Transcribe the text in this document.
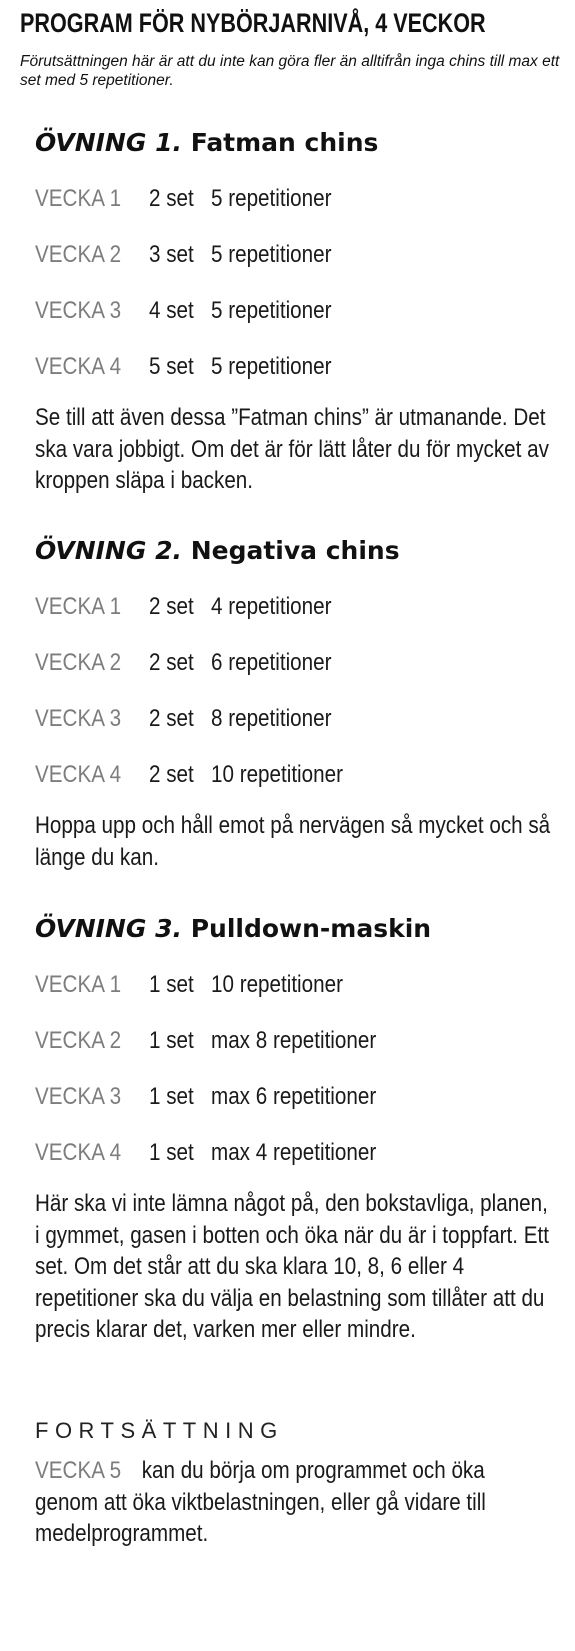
PROGRAM FÖR NYBÖRJARNIVÅ, 4 VECKOR

Förutsättningen här är att du inte kan göra fler än alltifrån inga chins till max ett set med 5 repetitioner.

ÖVNING 1. Fatman chins
VECKA 1	2 set 5 repetitioner
VECKA 2	3 set 5 repetitioner
VECKA 3	4 set 5 repetitioner
VECKA 4	5 set 5 repetitioner

Se till att även dessa ”Fatman chins” är utmanande. Det ska vara jobbigt. Om det är för lätt låter du för mycket av kroppen släpa i backen.

ÖVNING 2. Negativa chins
VECKA 1	2 set 4 repetitioner
VECKA 2	2 set 6 repetitioner
VECKA 3	2 set 8 repetitioner
VECKA 4	2 set 10 repetitioner

Hoppa upp och håll emot på nervägen så mycket och så länge du kan.

ÖVNING 3. Pulldown-maskin
VECKA 1	1 set 10 repetitioner
VECKA 2	1 set max 8 repetitioner
VECKA 3	1 set max 6 repetitioner
VECKA 4	1 set max 4 repetitioner

Här ska vi inte lämna något på, den bokstavliga, planen, i gymmet, gasen i botten och öka när du är i toppfart. Ett set. Om det står att du ska klara 10, 8, 6 eller 4 repetitioner ska du välja en belastning som tillåter att du precis klarar det, varken mer eller mindre.

FORTSÄTTNING

VECKA 5 kan du börja om programmet och öka genom att öka viktbelastningen, eller gå vidare till medelprogrammet.
